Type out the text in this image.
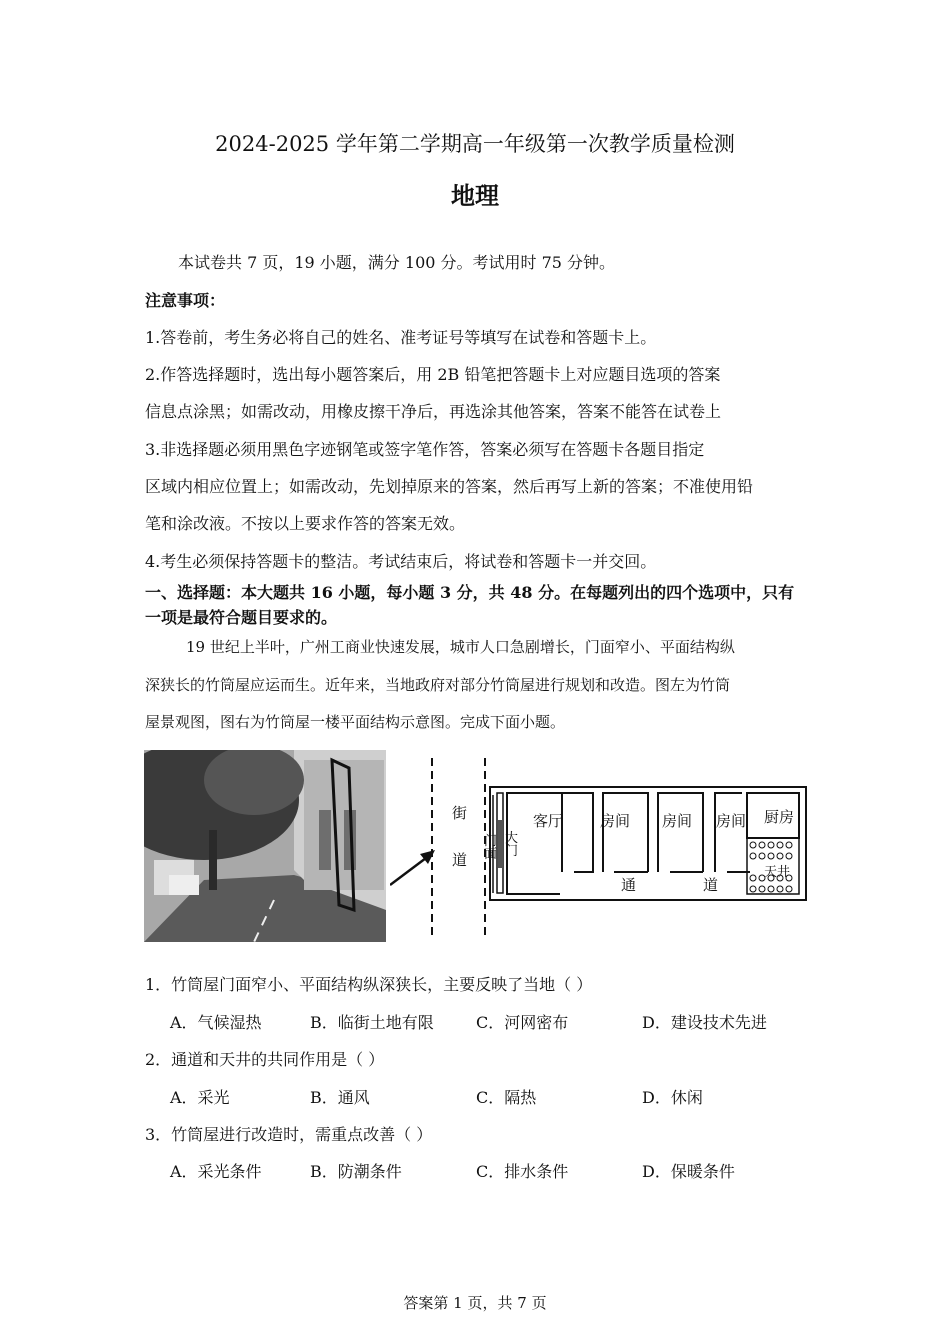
2024-2025 学年第二学期高一年级第一次教学质量检测
地理
本试卷共 7 页，19 小题，满分 100 分。考试用时 75 分钟。
注意事项：
1.答卷前，考生务必将自己的姓名、准考证号等填写在试卷和答题卡上。
2.作答选择题时，选出每小题答案后，用 2B 铅笔把答题卡上对应题目选项的答案
信息点涂黑；如需改动，用橡皮擦干净后，再选涂其他答案，答案不能答在试卷上
3.非选择题必须用黑色字迹钢笔或签字笔作答，答案必须写在答题卡各题目指定
区域内相应位置上；如需改动，先划掉原来的答案，然后再写上新的答案；不准使用铅
笔和涂改液。不按以上要求作答的答案无效。
4.考生必须保持答题卡的整洁。考试结束后，将试卷和答题卡一并交回。
一、选择题：本大题共 16 小题，每小题 3 分，共 48 分。在每题列出的四个选项中，只有
一项是最符合题目要求的。
19 世纪上半叶，广州工商业快速发展，城市人口急剧增长，门面窄小、平面结构纵
深狭长的竹筒屋应运而生。近年来，当地政府对部分竹筒屋进行规划和改造。图左为竹筒
屋景观图，图右为竹筒屋一楼平面结构示意图。完成下面小题。
街
道
门
面
大
门
客厅 房间 房间 房间 厨房
天井
通	道
1．竹筒屋门面窄小、平面结构纵深狭长，主要反映了当地（ ）
A．气候湿热	B．临街土地有限	C．河网密布	D．建设技术先进
2．通道和天井的共同作用是（ ）
A．采光	B．通风	C．隔热	D．休闲
3．竹筒屋进行改造时，需重点改善（ ）
A．采光条件	B．防潮条件	C．排水条件	D．保暖条件
答案第 1 页，共 7 页
